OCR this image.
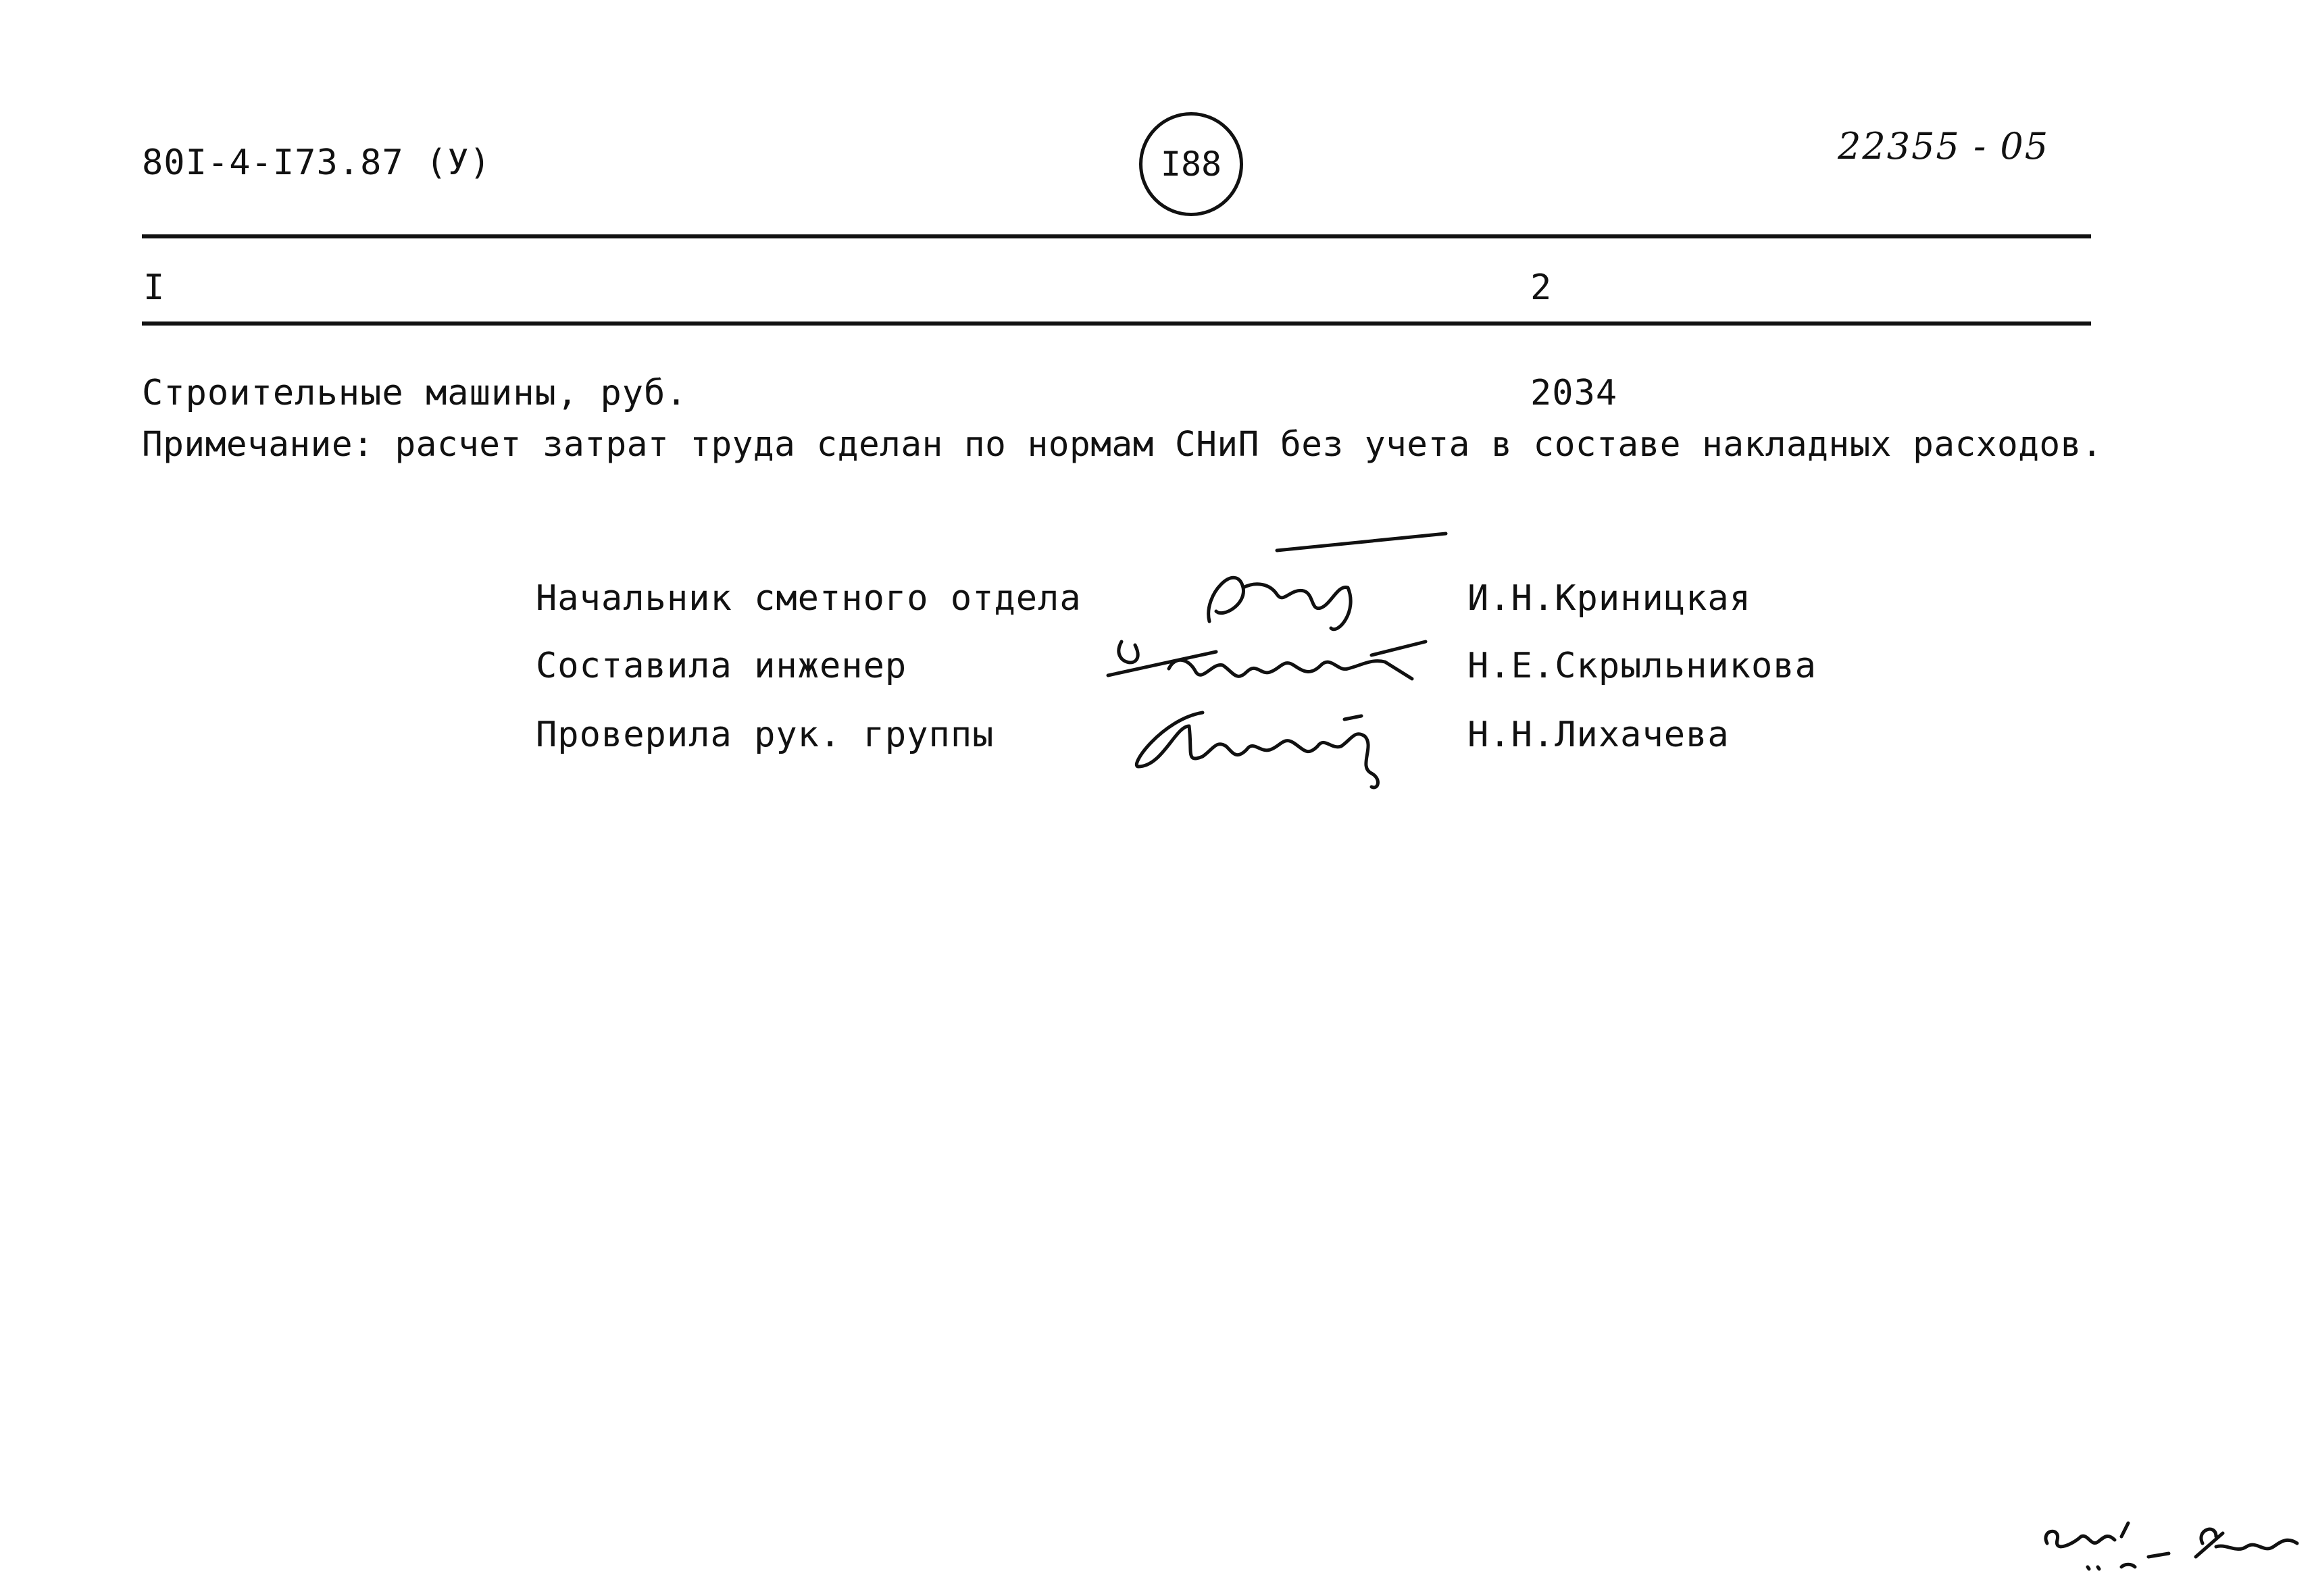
80I-4-I73.87 (У)	I88	22355 - 05
I	2
Строительные машины, руб.	2034
Примечание: расчет затрат труда сделан по нормам СНиП без учета в составе накладных расходов.
Начальник сметного отдела	И.Н.Криницкая
Составила инженер	Н.Е.Скрыльникова
Проверила рук. группы	Н.Н.Лихачева
